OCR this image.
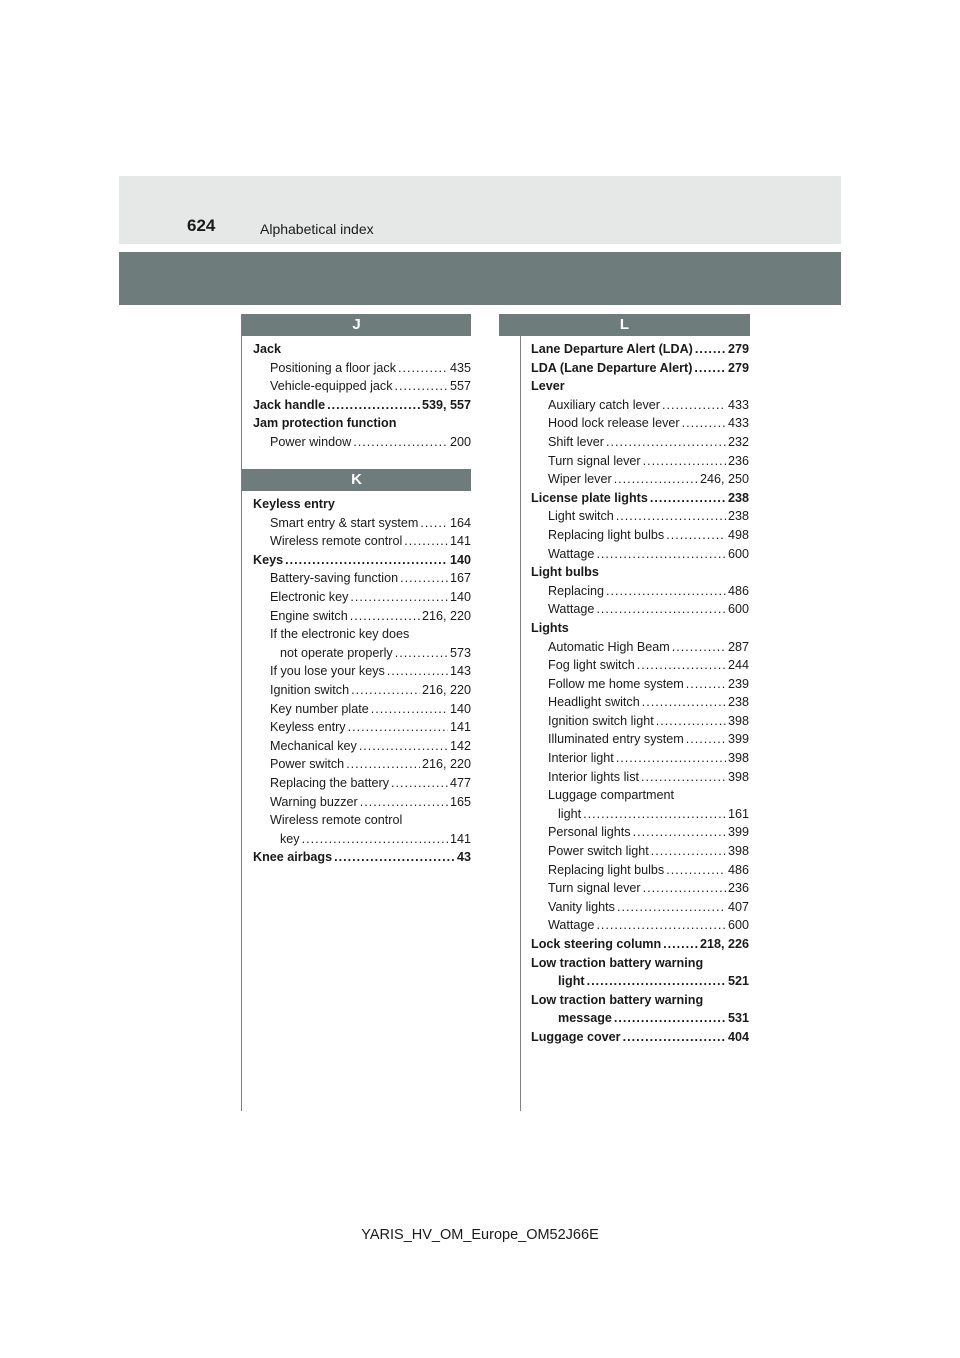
624	Alphabetical index
J
Jack
Positioning a floor jack .....	435
Vehicle-equipped jack .....	557
Jack handle .....	539, 557
Jam protection function
Power window .....	200
K
Keyless entry
Smart entry & start system .....	164
Wireless remote control .....	141
Keys .....	140
Battery-saving function .....	167
Electronic key .....	140
Engine switch .....	216, 220
If the electronic key does
not operate properly .....	573
If you lose your keys .....	143
Ignition switch .....	216, 220
Key number plate .....	140
Keyless entry .....	141
Mechanical key .....	142
Power switch .....	216, 220
Replacing the battery .....	477
Warning buzzer .....	165
Wireless remote control
key .....	141
Knee airbags .....	43
L
Lane Departure Alert (LDA) .....	279
LDA (Lane Departure Alert) .....	279
Lever
Auxiliary catch lever .....	433
Hood lock release lever .....	433
Shift lever .....	232
Turn signal lever .....	236
Wiper lever .....	246, 250
License plate lights .....	238
Light switch .....	238
Replacing light bulbs .....	498
Wattage .....	600
Light bulbs
Replacing .....	486
Wattage .....	600
Lights
Automatic High Beam .....	287
Fog light switch .....	244
Follow me home system .....	239
Headlight switch .....	238
Ignition switch light .....	398
Illuminated entry system .....	399
Interior light .....	398
Interior lights list .....	398
Luggage compartment
light .....	161
Personal lights .....	399
Power switch light .....	398
Replacing light bulbs .....	486
Turn signal lever .....	236
Vanity lights .....	407
Wattage .....	600
Lock steering column .....	218, 226
Low traction battery warning
light .....	521
Low traction battery warning
message .....	531
Luggage cover .....	404
YARIS_HV_OM_Europe_OM52J66E
